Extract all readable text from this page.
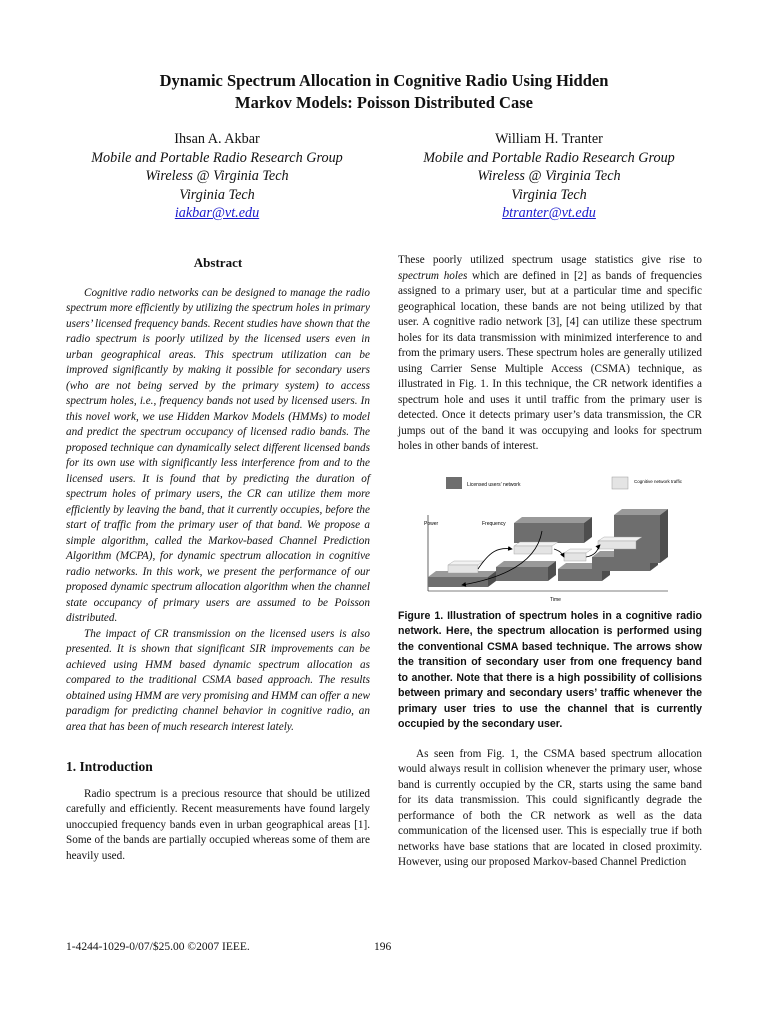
Dynamic Spectrum Allocation in Cognitive Radio Using Hidden
Markov Models: Poisson Distributed Case
Ihsan A. Akbar
Mobile and Portable Radio Research Group
Wireless @ Virginia Tech
Virginia Tech
iakbar@vt.edu
William H. Tranter
Mobile and Portable Radio Research Group
Wireless @ Virginia Tech
Virginia Tech
btranter@vt.edu
Abstract

Cognitive radio networks can be designed to manage the radio spectrum more efficiently by utilizing the spectrum holes in primary users’ licensed frequency bands. Recent studies have shown that the radio spectrum is poorly utilized by the licensed users even in urban geographical areas. This spectrum utilization can be improved significantly by making it possible for secondary users (who are not being served by the primary system) to access spectrum holes, i.e., frequency bands not used by licensed users. In this novel work, we use Hidden Markov Models (HMMs) to model and predict the spectrum occupancy of licensed radio bands. The proposed technique can dynamically select different licensed bands for its own use with significantly less interference from and to the licensed users. It is found that by predicting the duration of spectrum holes of primary users, the CR can utilize them more efficiently by leaving the band, that it currently occupies, before the start of traffic from the primary user of that band. We propose a simple algorithm, called the Markov-based Channel Prediction Algorithm (MCPA), for dynamic spectrum allocation in cognitive radio networks. In this work, we present the performance of our proposed dynamic spectrum allocation algorithm when the channel state occupancy of primary users are assumed to be Poisson distributed.

The impact of CR transmission on the licensed users is also presented. It is shown that significant SIR improvements can be achieved using HMM based dynamic spectrum allocation as compared to the traditional CSMA based approach. The results obtained using HMM are very promising and HMM can offer a new paradigm for predicting channel behavior in cognitive radio, an area that has been of much research interest lately.

1. Introduction

Radio spectrum is a precious resource that should be utilized carefully and efficiently. Recent measurements have found largely unoccupied frequency bands even in urban geographical areas [1]. Some of the bands are partially occupied whereas some of them are heavily used.

These poorly utilized spectrum usage statistics give rise to spectrum holes which are defined in [2] as bands of frequencies assigned to a primary user, but at a particular time and specific geographical location, these bands are not being utilized by that user. A cognitive radio network [3], [4] can utilize these spectrum holes for its data transmission with minimized interference to and from the primary users. These spectrum holes are generally utilized using Carrier Sense Multiple Access (CSMA) technique, as illustrated in Fig. 1. In this technique, the CR network identifies a spectrum hole and uses it until traffic from the primary user is detected. Once it detects primary user’s data transmission, the CR jumps out of the band it was occupying and looks for spectrum holes in other bands of interest.

Licensed users’ network
Cognitive network traffic
Power	Frequency
Time
Figure 1. Illustration of spectrum holes in a cognitive radio network. Here, the spectrum allocation is performed using the conventional CSMA based technique. The arrows show the transition of secondary user from one frequency band to another. Note that there is a high possibility of collisions between primary and secondary users’ traffic whenever the primary user tries to use the channel that is currently occupied by the secondary user.

As seen from Fig. 1, the CSMA based spectrum allocation would always result in collision whenever the primary user, whose band is currently occupied by the CR, starts using the same band for its data transmission. This could significantly degrade the performance of both the CR network as well as the data communication of the licensed user. This is especially true if both networks have base stations that are located in closed proximity. However, using our proposed Markov-based Channel Prediction

1-4244-1029-0/07/$25.00 ©2007 IEEE.	196
